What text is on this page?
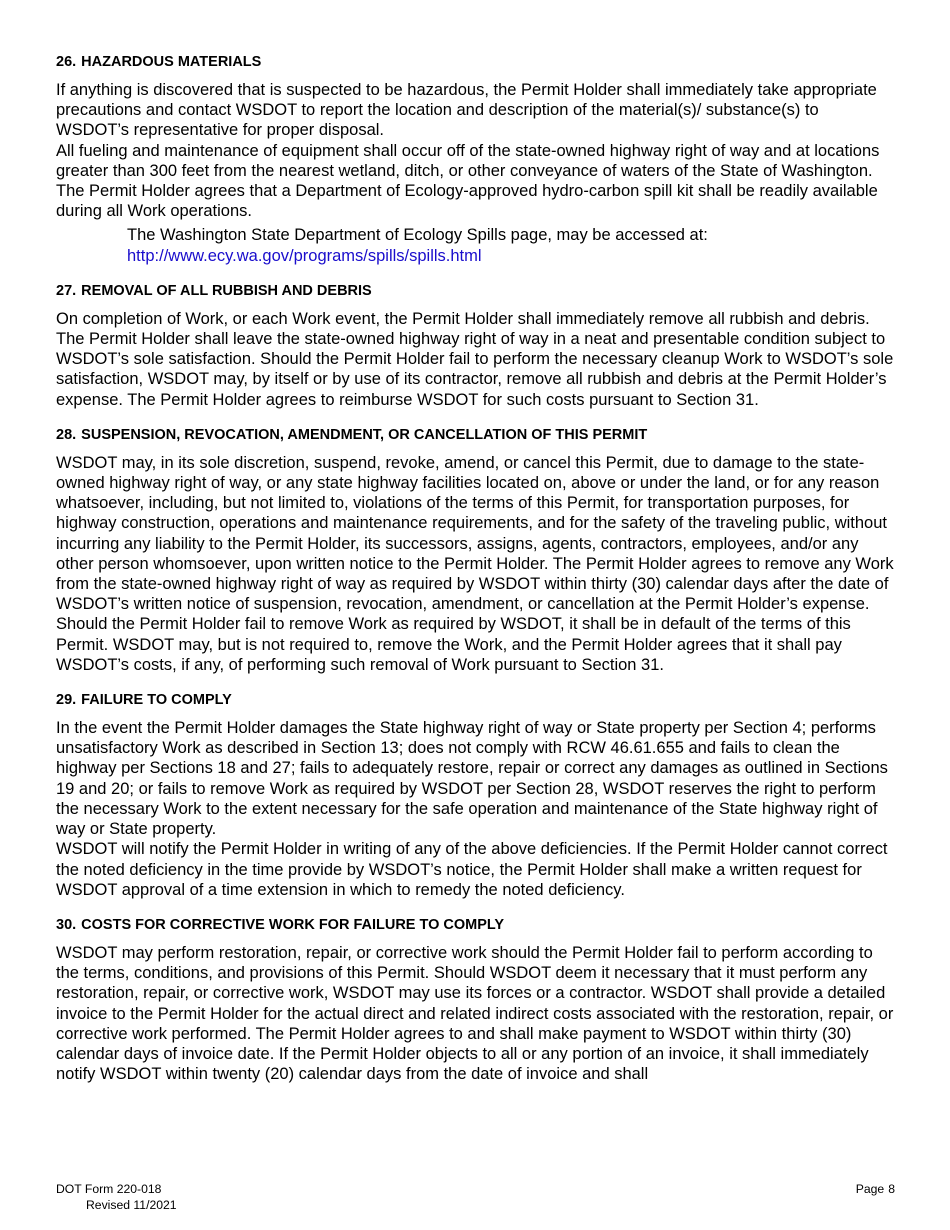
26. HAZARDOUS MATERIALS

If anything is discovered that is suspected to be hazardous, the Permit Holder shall immediately take appropriate precautions and contact WSDOT to report the location and description of the material(s)/ substance(s) to WSDOT’s representative for proper disposal.

All fueling and maintenance of equipment shall occur off of the state-owned highway right of way and at locations greater than 300 feet from the nearest wetland, ditch, or other conveyance of waters of the State of Washington.

The Permit Holder agrees that a Department of Ecology-approved hydro-carbon spill kit shall be readily available during all Work operations.

The Washington State Department of Ecology Spills page, may be accessed at:

http://www.ecy.wa.gov/programs/spills/spills.html

27. REMOVAL OF ALL RUBBISH AND DEBRIS

On completion of Work, or each Work event, the Permit Holder shall immediately remove all rubbish and debris. The Permit Holder shall leave the state-owned highway right of way in a neat and presentable condition subject to WSDOT’s sole satisfaction. Should the Permit Holder fail to perform the necessary cleanup Work to WSDOT’s sole satisfaction, WSDOT may, by itself or by use of its contractor, remove all rubbish and debris at the Permit Holder’s expense. The Permit Holder agrees to reimburse WSDOT for such costs pursuant to Section 31.

28. SUSPENSION, REVOCATION, AMENDMENT, OR CANCELLATION OF THIS PERMIT

WSDOT may, in its sole discretion, suspend, revoke, amend, or cancel this Permit, due to damage to the state-owned highway right of way, or any state highway facilities located on, above or under the land, or for any reason whatsoever, including, but not limited to, violations of the terms of this Permit, for transportation purposes, for highway construction, operations and maintenance requirements, and for the safety of the traveling public, without incurring any liability to the Permit Holder, its successors, assigns, agents, contractors, employees, and/or any other person whomsoever, upon written notice to the Permit Holder. The Permit Holder agrees to remove any Work from the state-owned highway right of way as required by WSDOT within thirty (30) calendar days after the date of WSDOT’s written notice of suspension, revocation, amendment, or cancellation at the Permit Holder’s expense. Should the Permit Holder fail to remove Work as required by WSDOT, it shall be in default of the terms of this Permit. WSDOT may, but is not required to, remove the Work, and the Permit Holder agrees that it shall pay WSDOT’s costs, if any, of performing such removal of Work pursuant to Section 31.

29. FAILURE TO COMPLY

In the event the Permit Holder damages the State highway right of way or State property per Section 4; performs unsatisfactory Work as described in Section 13; does not comply with RCW 46.61.655 and fails to clean the highway per Sections 18 and 27; fails to adequately restore, repair or correct any damages as outlined in Sections 19 and 20; or fails to remove Work as required by WSDOT per Section 28, WSDOT reserves the right to perform the necessary Work to the extent necessary for the safe operation and maintenance of the State highway right of way or State property.

WSDOT will notify the Permit Holder in writing of any of the above deficiencies. If the Permit Holder cannot correct the noted deficiency in the time provide by WSDOT’s notice, the Permit Holder shall make a written request for WSDOT approval of a time extension in which to remedy the noted deficiency.

30. COSTS FOR CORRECTIVE WORK FOR FAILURE TO COMPLY

WSDOT may perform restoration, repair, or corrective work should the Permit Holder fail to perform according to the terms, conditions, and provisions of this Permit. Should WSDOT deem it necessary that it must perform any restoration, repair, or corrective work, WSDOT may use its forces or a contractor. WSDOT shall provide a detailed invoice to the Permit Holder for the actual direct and related indirect costs associated with the restoration, repair, or corrective work performed. The Permit Holder agrees to and shall make payment to WSDOT within thirty (30) calendar days of invoice date. If the Permit Holder objects to all or any portion of an invoice, it shall immediately notify WSDOT within twenty (20) calendar days from the date of invoice and shall

DOT Form 220-018
Revised 11/2021
Page 8
